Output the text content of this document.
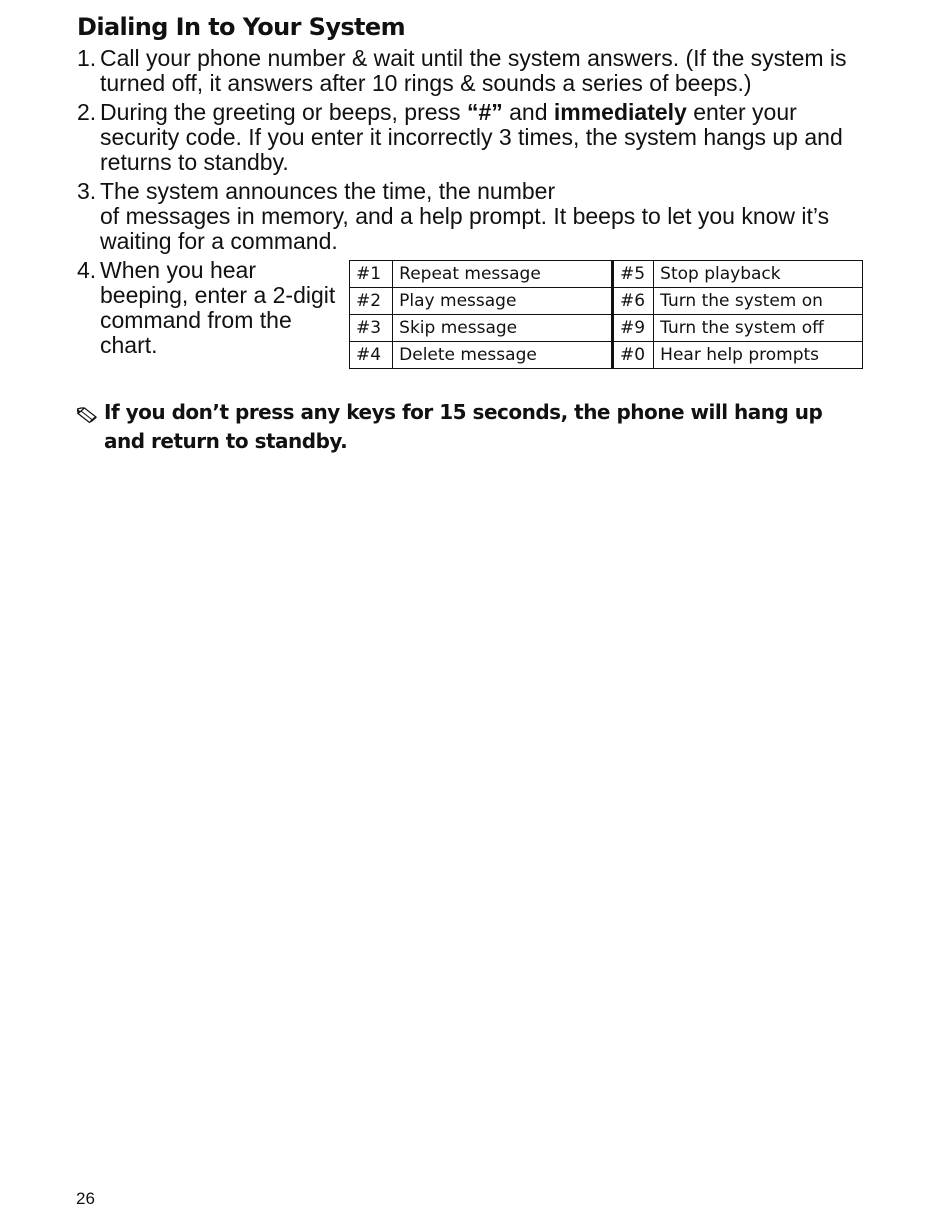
Dialing In to Your System
1. Call your phone number & wait until the system answers. (If the system is turned off, it answers after 10 rings & sounds a series of beeps.)
2. During the greeting or beeps, press “#” and immediately enter your security code. If you enter it incorrectly 3 times, the system hangs up and returns to standby.
3. The system announces the time, the number
of messages in memory, and a help prompt. It beeps to let you know it’s waiting for a command.
4. When you hear beeping, enter a 2-digit command from the chart.
#1	Repeat message	#5	Stop playback
#2	Play message	#6	Turn the system on
#3	Skip message	#9	Turn the system off
#4	Delete message	#0	Hear help prompts
If you don’t press any keys for 15 seconds, the phone will hang up and return to standby.
26
